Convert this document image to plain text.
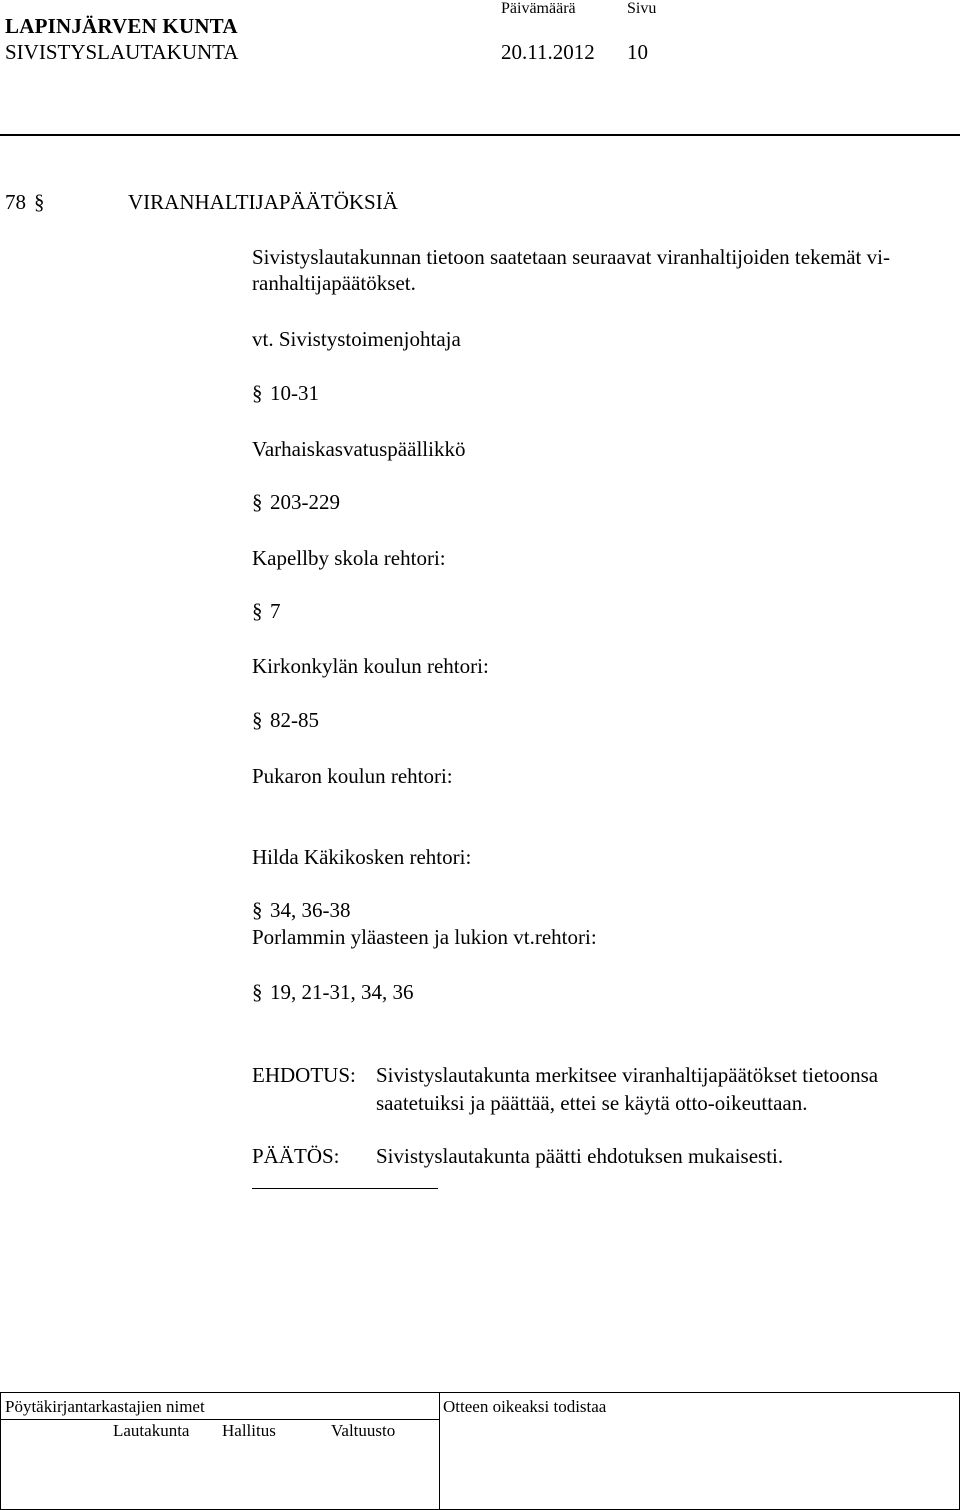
LAPINJÄRVEN KUNTA
SIVISTYSLAUTAKUNTA
Päivämäärä	Sivu
20.11.2012 10
78 §	VIRANHALTIJAPÄÄTÖKSIÄ
Sivistyslautakunnan tietoon saatetaan seuraavat viranhaltijoiden tekemät vi-
ranhaltijapäätökset.
vt. Sivistystoimenjohtaja
§ 10-31
Varhaiskasvatuspäällikkö
§ 203-229
Kapellby skola rehtori:
§ 7
Kirkonkylän koulun rehtori:
§ 82-85
Pukaron koulun rehtori:
Hilda Käkikosken rehtori:
§ 34, 36-38
Porlammin yläasteen ja lukion vt.rehtori:
§ 19, 21-31, 34, 36
EHDOTUS: Sivistyslautakunta merkitsee viranhaltijapäätökset tietoonsa
saatetuiksi ja päättää, ettei se käytä otto-oikeuttaan.
PÄÄTÖS: Sivistyslautakunta päätti ehdotuksen mukaisesti.
Pöytäkirjantarkastajien nimet	Otteen oikeaksi todistaa
Lautakunta Hallitus	Valtuusto
